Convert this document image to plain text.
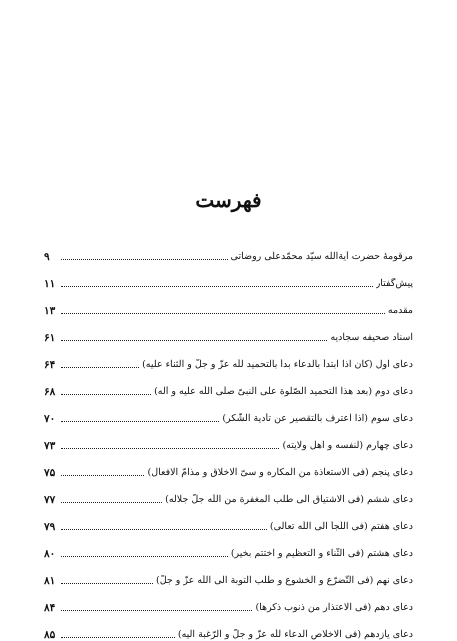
فهرست
مرقومهٔ حضرت آیة‌الله سیّد محمّدعلی روضاتی
۹
پیش‌گفتار
۱۱
مقدمه
۱۳
اسناد صحیفه سجادیه
۶۱
دعای اول (کان اذا ابتدأ بالدعاء بدأ بالتحمید للّٰه عزّ و جلّ و الثناء علیه)
۶۴
دعای دوم (بعد هذا التحمید الصّلوة علی النبیّ صلّی اللّٰه علیه و آله)
۶۸
دعای سوم (اذا اعترف بالتقصیر عن تأدیة الشّکر)
۷۰
دعای چهارم (لنفسه و اهل ولایته)
۷۳
دعای پنجم (فی الاستعاذة من المکاره و سیّ الاخلاق و مذامّ الافعال)
۷۵
دعای ششم (فی الاشتیاق الی طلب المغفرة من اللّٰه جلّ جلاله)
۷۷
دعای هفتم (فی اللّجأ الی اللّٰه تعالی)
۷۹
دعای هشتم (فی الثّناء و التعظیم و اختتم بخیر)
۸۰
دعای نهم (فی التّضرّع و الخشوع و طلب التوبة الی اللّٰه عزّ و جلّ)
۸۱
دعای دهم (فی الاعتذار من ذنوب ذکرها)
۸۴
دعای یازدهم (فی الاخلاص الدعاء للّٰه عزّ و جلّ و الرّغبة الیه)
۸۵
